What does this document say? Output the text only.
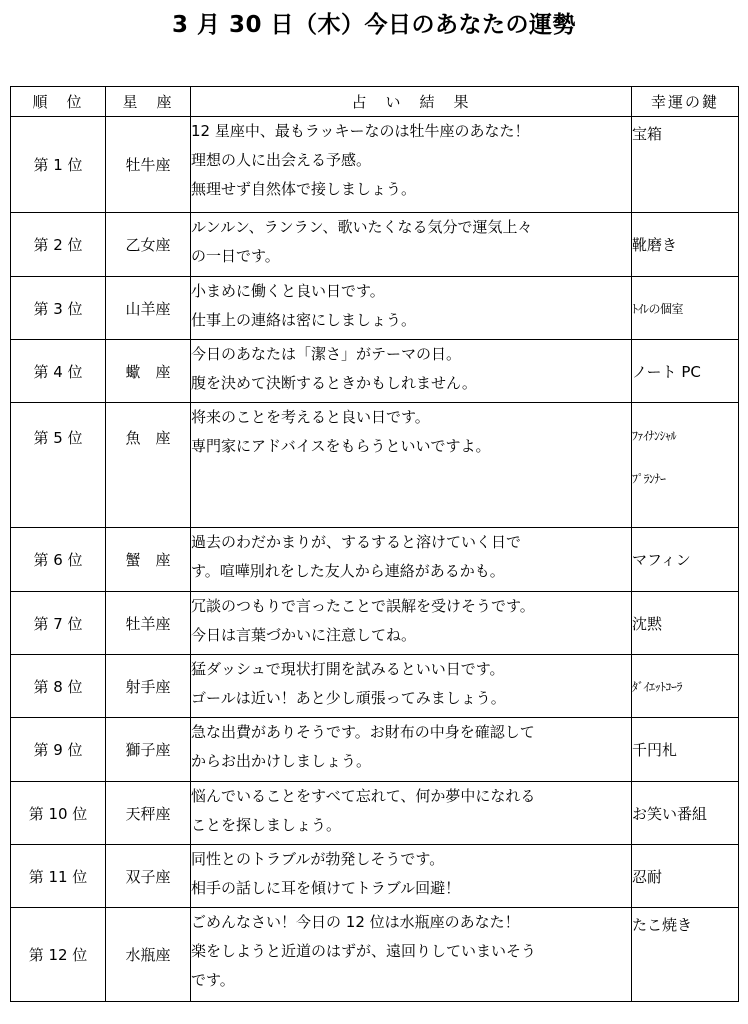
3 月 30 日（木）今日のあなたの運勢
順　位	星　座	占　い　結　果	幸運の鍵
第 1 位	牡牛座	12 星座中、最もラッキーなのは牡牛座のあなた！
理想の人に出会える予感。
無理せず自然体で接しましょう。	宝箱

第 2 位	乙女座	ルンルン、ランラン、歌いたくなる気分で運気上々
の一日です。	靴磨き

第 3 位	山羊座	小まめに働くと良い日です。
仕事上の連絡は密にしましょう。	ﾄｲﾚの個室

第 4 位	蠍　座	今日のあなたは「潔さ」がテーマの日。
腹を決めて決断するときかもしれません。	ノート PC

第 5 位	魚　座	将来のことを考えると良い日です。
専門家にアドバイスをもらうといいですよ。	ﾌｧｲﾅﾝｼｬﾙ
ﾌﾟﾗﾝﾅｰ

第 6 位	蟹　座	過去のわだかまりが、するすると溶けていく日で
す。喧嘩別れをした友人から連絡があるかも。	マフィン

第 7 位	牡羊座	冗談のつもりで言ったことで誤解を受けそうです。
今日は言葉づかいに注意してね。	沈黙

第 8 位	射手座	猛ダッシュで現状打開を試みるといい日です。
ゴールは近い！あと少し頑張ってみましょう。	ﾀﾞｲｴｯﾄｺｰﾗ

第 9 位	獅子座	急な出費がありそうです。お財布の中身を確認して
からお出かけしましょう。	千円札

第 10 位	天秤座	悩んでいることをすべて忘れて、何か夢中になれる
ことを探しましょう。	お笑い番組

第 11 位	双子座	同性とのトラブルが勃発しそうです。
相手の話しに耳を傾けてトラブル回避！	忍耐

第 12 位	水瓶座	ごめんなさい！今日の 12 位は水瓶座のあなた！
楽をしようと近道のはずが、遠回りしていまいそう
です。	たこ焼き
